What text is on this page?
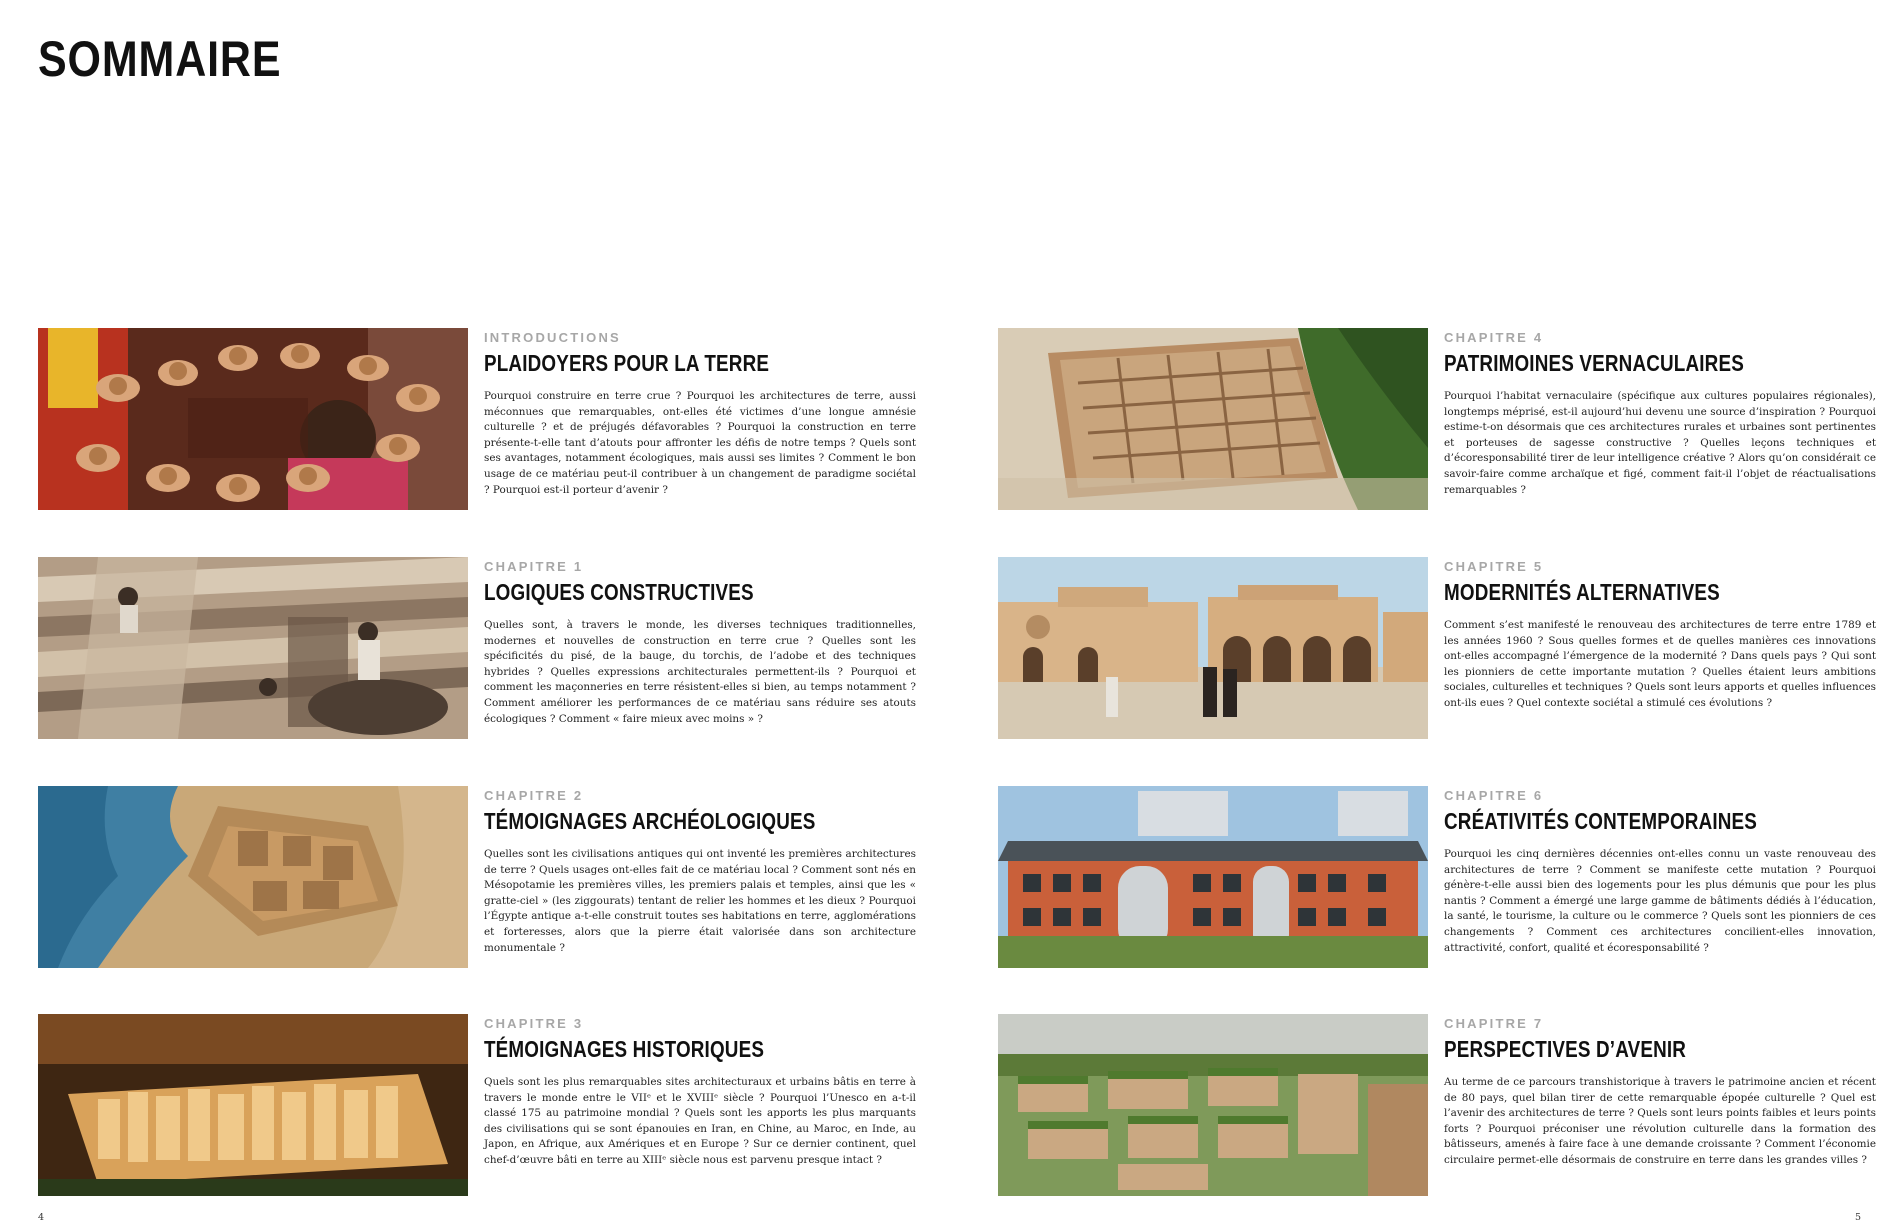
SOMMAIRE

INTRODUCTIONS

PLAIDOYERS POUR LA TERRE

Pourquoi construire en terre crue ? Pourquoi les architectures de terre, aussi méconnues que remarquables, ont-elles été victimes d’une longue amnésie culturelle ? et de préjugés défavorables ? Pourquoi la construction en terre présente-t-elle tant d’atouts pour affronter les défis de notre temps ? Quels sont ses avantages, notamment écologiques, mais aussi ses limites ? Comment le bon usage de ce matériau peut-il contribuer à un changement de paradigme sociétal ? Pourquoi est-il porteur d’avenir ?

CHAPITRE 1

LOGIQUES CONSTRUCTIVES

Quelles sont, à travers le monde, les diverses techniques traditionnelles, modernes et nouvelles de construction en terre crue ? Quelles sont les spécificités du pisé, de la bauge, du torchis, de l’adobe et des techniques hybrides ? Quelles expressions architecturales permettent-ils ? Pourquoi et comment les maçonneries en terre résistent-elles si bien, au temps notamment ? Comment améliorer les performances de ce matériau sans réduire ses atouts écologiques ? Comment « faire mieux avec moins » ?

CHAPITRE 2

TÉMOIGNAGES ARCHÉOLOGIQUES

Quelles sont les civilisations antiques qui ont inventé les premières architectures de terre ? Quels usages ont-elles fait de ce matériau local ? Comment sont nés en Mésopotamie les premières villes, les premiers palais et temples, ainsi que les « gratte-ciel » (les ziggourats) tentant de relier les hommes et les dieux ? Pourquoi l’Égypte antique a-t-elle construit toutes ses habitations en terre, agglomérations et forteresses, alors que la pierre était valorisée dans son architecture monumentale ?

CHAPITRE 3

TÉMOIGNAGES HISTORIQUES

Quels sont les plus remarquables sites architecturaux et urbains bâtis en terre à travers le monde entre le VIIᵉ et le XVIIIᵉ siècle ? Pourquoi l’Unesco en a-t-il classé 175 au patrimoine mondial ? Quels sont les apports les plus marquants des civilisations qui se sont épanouies en Iran, en Chine, au Maroc, en Inde, au Japon, en Afrique, aux Amériques et en Europe ? Sur ce dernier continent, quel chef-d’œuvre bâti en terre au XIIIᵉ siècle nous est parvenu presque intact ?

CHAPITRE 4

PATRIMOINES VERNACULAIRES

Pourquoi l’habitat vernaculaire (spécifique aux cultures populaires régionales), longtemps méprisé, est-il aujourd’hui devenu une source d’inspiration ? Pourquoi estime-t-on désormais que ces architectures rurales et urbaines sont pertinentes et porteuses de sagesse constructive ? Quelles leçons techniques et d’écoresponsabilité tirer de leur intelligence créative ? Alors qu’on considérait ce savoir-faire comme archaïque et figé, comment fait-il l’objet de réactualisations remarquables ?

CHAPITRE 5

MODERNITÉS ALTERNATIVES

Comment s’est manifesté le renouveau des architectures de terre entre 1789 et les années 1960 ? Sous quelles formes et de quelles manières ces innovations ont-elles accompagné l’émergence de la modernité ? Dans quels pays ? Qui sont les pionniers de cette importante mutation ? Quelles étaient leurs ambitions sociales, culturelles et techniques ? Quels sont leurs apports et quelles influences ont-ils eues ? Quel contexte sociétal a stimulé ces évolutions ?

CHAPITRE 6

CRÉATIVITÉS CONTEMPORAINES

Pourquoi les cinq dernières décennies ont-elles connu un vaste renouveau des architectures de terre ? Comment se manifeste cette mutation ? Pourquoi génère-t-elle aussi bien des logements pour les plus démunis que pour les plus nantis ? Comment a émergé une large gamme de bâtiments dédiés à l’éducation, la santé, le tourisme, la culture ou le commerce ? Quels sont les pionniers de ces changements ? Comment ces architectures concilient-elles innovation, attractivité, confort, qualité et écoresponsabilité ?

CHAPITRE 7

PERSPECTIVES D’AVENIR

Au terme de ce parcours transhistorique à travers le patrimoine ancien et récent de 80 pays, quel bilan tirer de cette remarquable épopée culturelle ? Quel est l’avenir des architectures de terre ? Quels sont leurs points faibles et leurs points forts ? Pourquoi préconiser une révolution culturelle dans la formation des bâtisseurs, amenés à faire face à une demande croissante ? Comment l’économie circulaire permet-elle désormais de construire en terre dans les grandes villes ?

4	5
